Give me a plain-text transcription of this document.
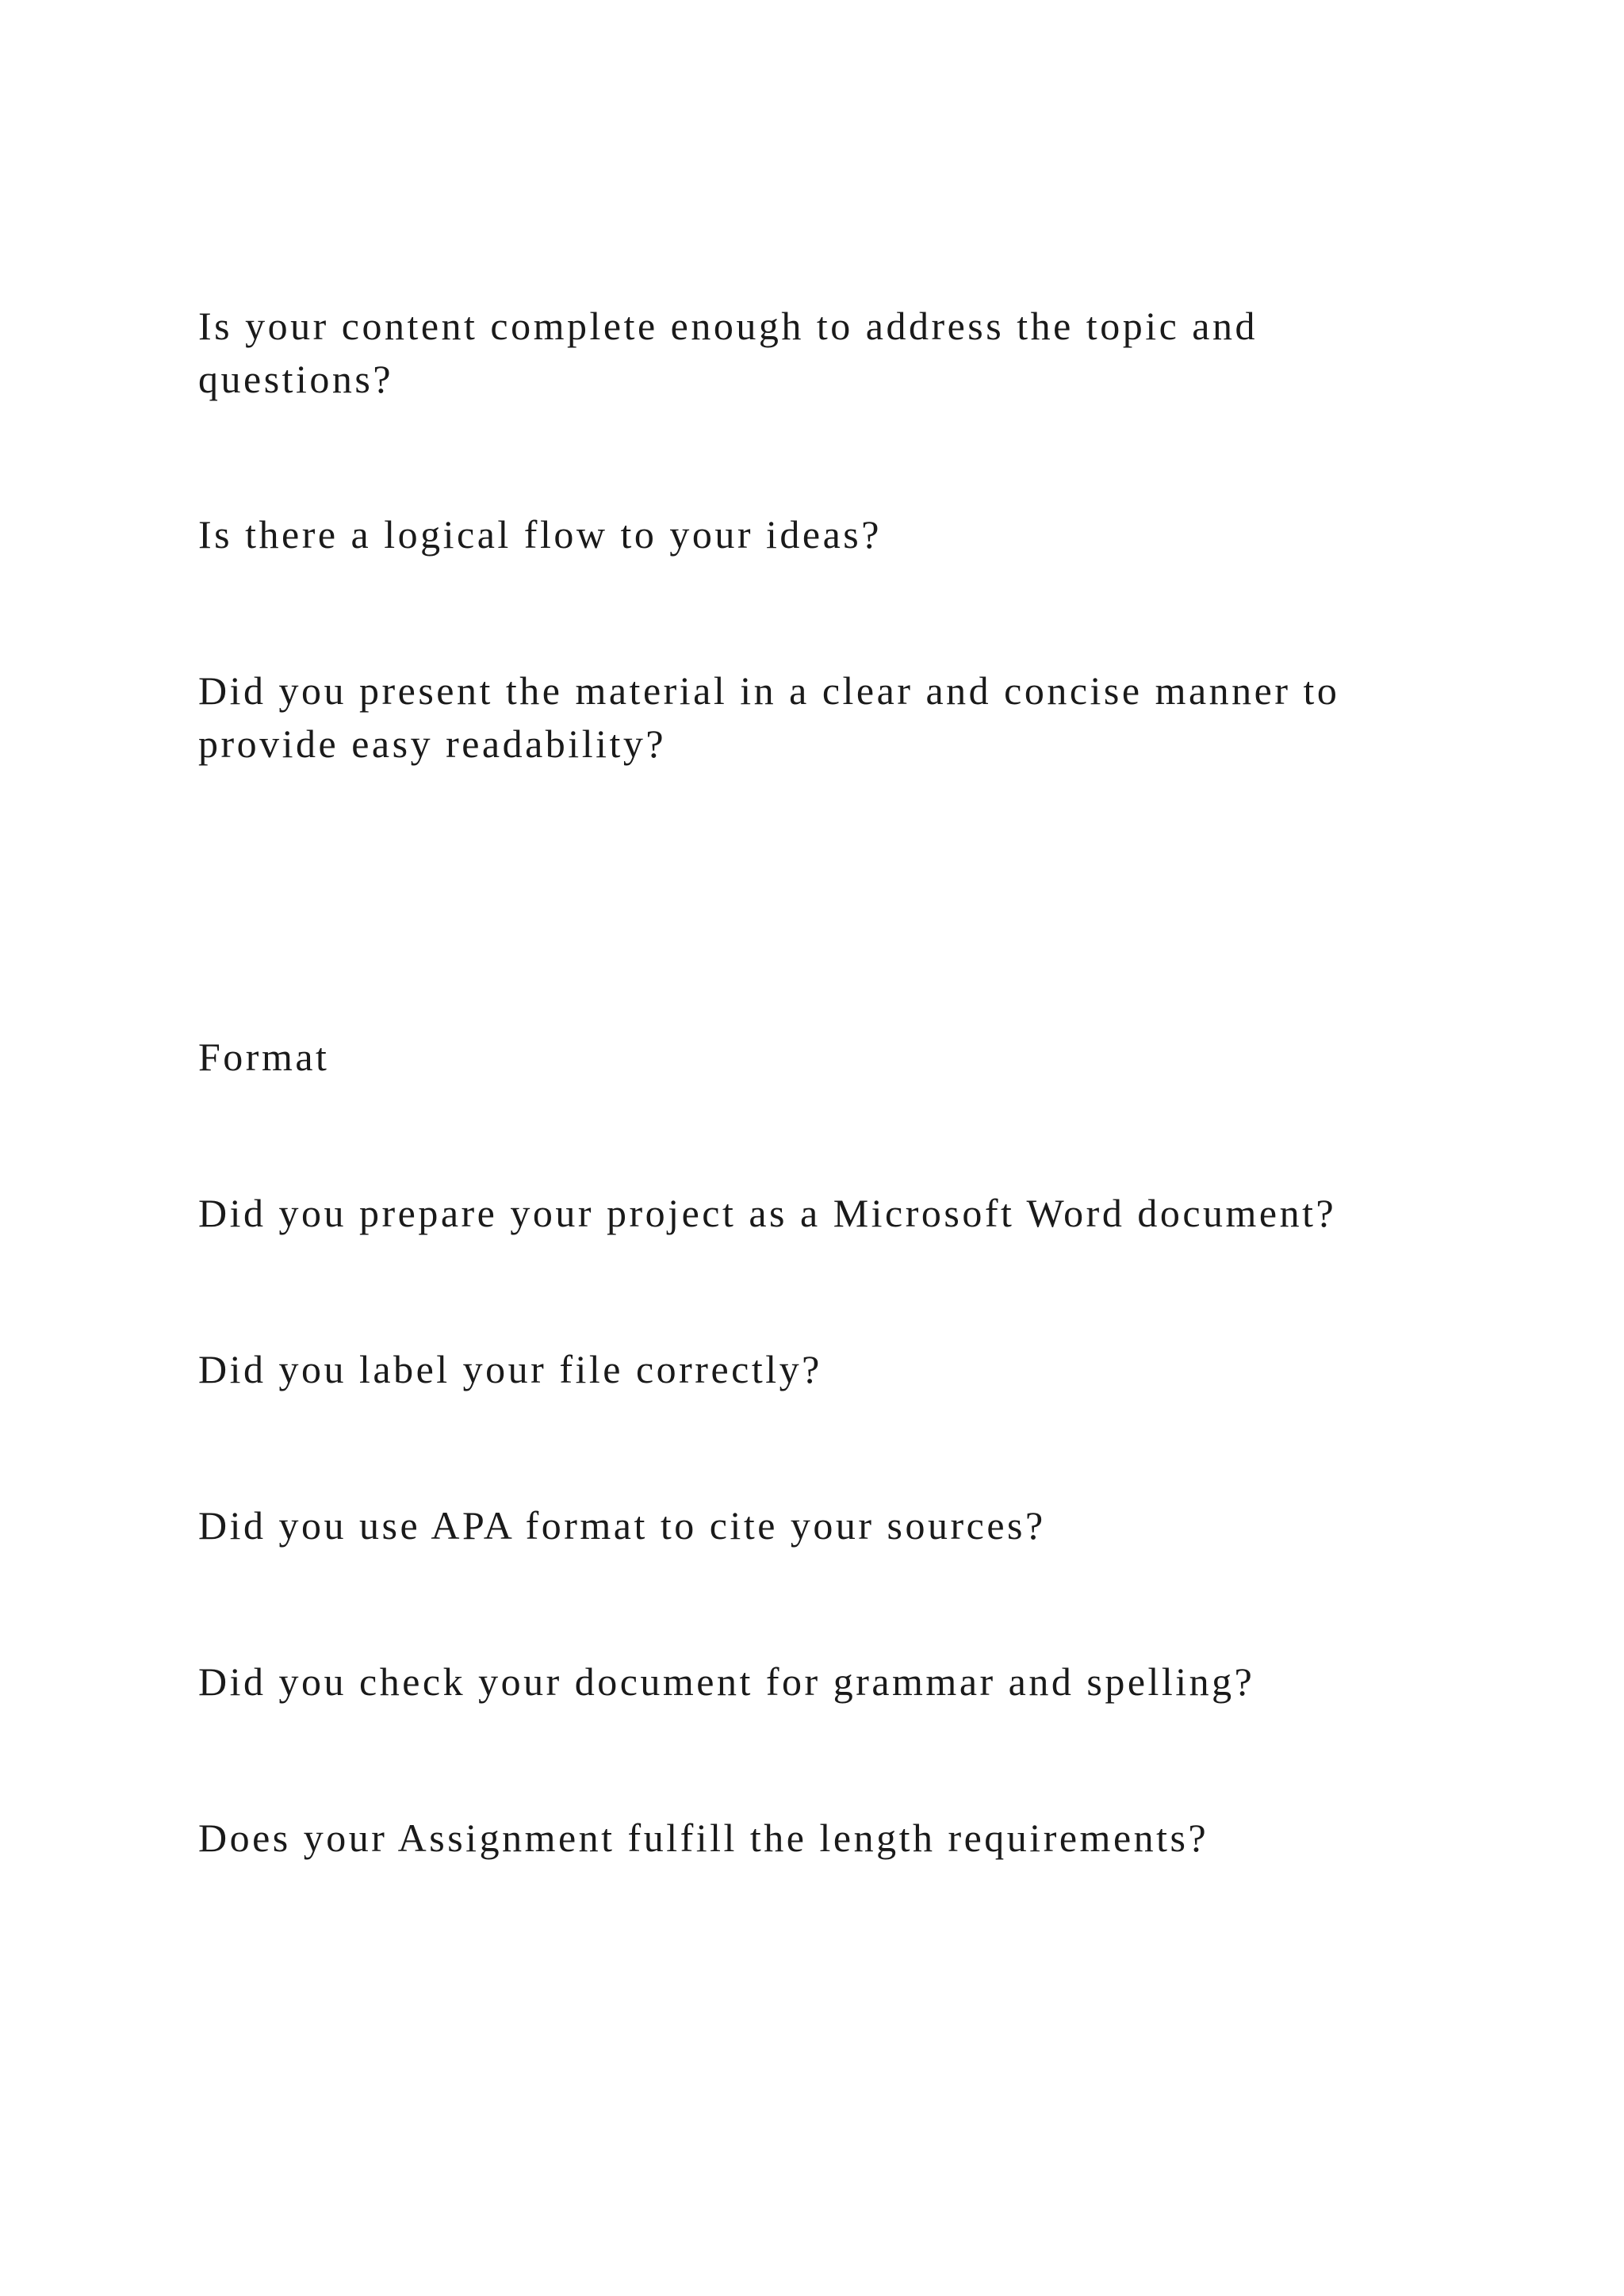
Is your content complete enough to address the topic and
questions?

Is there a logical flow to your ideas?

Did you present the material in a clear and concise manner to
provide easy readability?

Format

Did you prepare your project as a Microsoft Word document?

Did you label your file correctly?

Did you use APA format to cite your sources?

Did you check your document for grammar and spelling?

Does your Assignment fulfill the length requirements?
